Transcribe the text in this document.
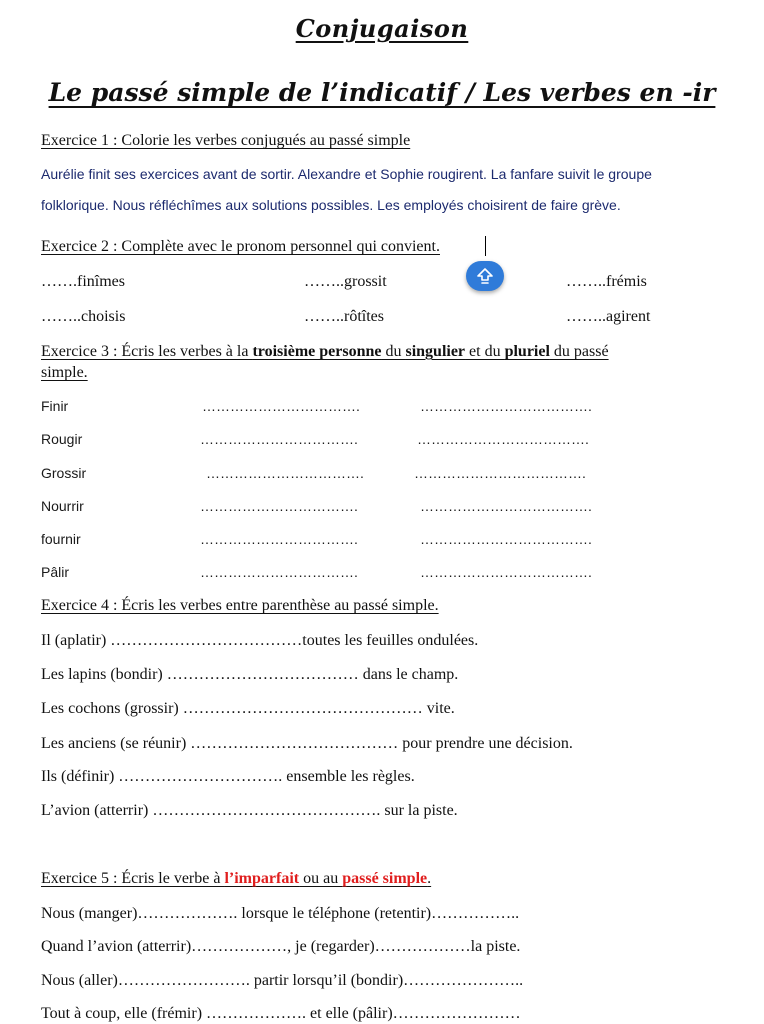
Conjugaison
Le passé simple de l’indicatif / Les verbes en -ir
Exercice 1 : Colorie les verbes conjugués au passé simple
Aurélie finit ses exercices avant de sortir. Alexandre et Sophie rougirent. La fanfare suivit le groupe
folklorique. Nous réfléchîmes aux solutions possibles. Les employés choisirent de faire grève.
Exercice 2 : Complète avec le pronom personnel qui convient.
…….finîmes	……..grossit	……..frémis
……..choisis	……..rôtîtes	……..agirent
Exercice 3 : Écris les verbes à la troisième personne du singulier et du pluriel du passé
simple.
Finir	…………………………….	……………………………….
Rougir	…………………………….	……………………………….
Grossir	…………………………….	……………………………….
Nourrir	…………………………….	……………………………….
fournir	…………………………….	……………………………….
Pâlir	…………………………….	……………………………….
Exercice 4 : Écris les verbes entre parenthèse au passé simple.
Il (aplatir) ………………………………toutes les feuilles ondulées.
Les lapins (bondir) ……………………………… dans le champ.
Les cochons (grossir) ……………………………………… vite.
Les anciens (se réunir) ………………………………… pour prendre une décision.
Ils (définir) …………………………. ensemble les règles.
L’avion (atterrir) ……………………………………. sur la piste.
Exercice 5 : Écris le verbe à l’imparfait ou au passé simple.
Nous (manger)………………. lorsque le téléphone (retentir)……………..
Quand l’avion (atterrir)………………, je (regarder)………………la piste.
Nous (aller)……………………. partir lorsqu’il (bondir)…………………..
Tout à coup, elle (frémir) ………………. et elle (pâlir)……………………
